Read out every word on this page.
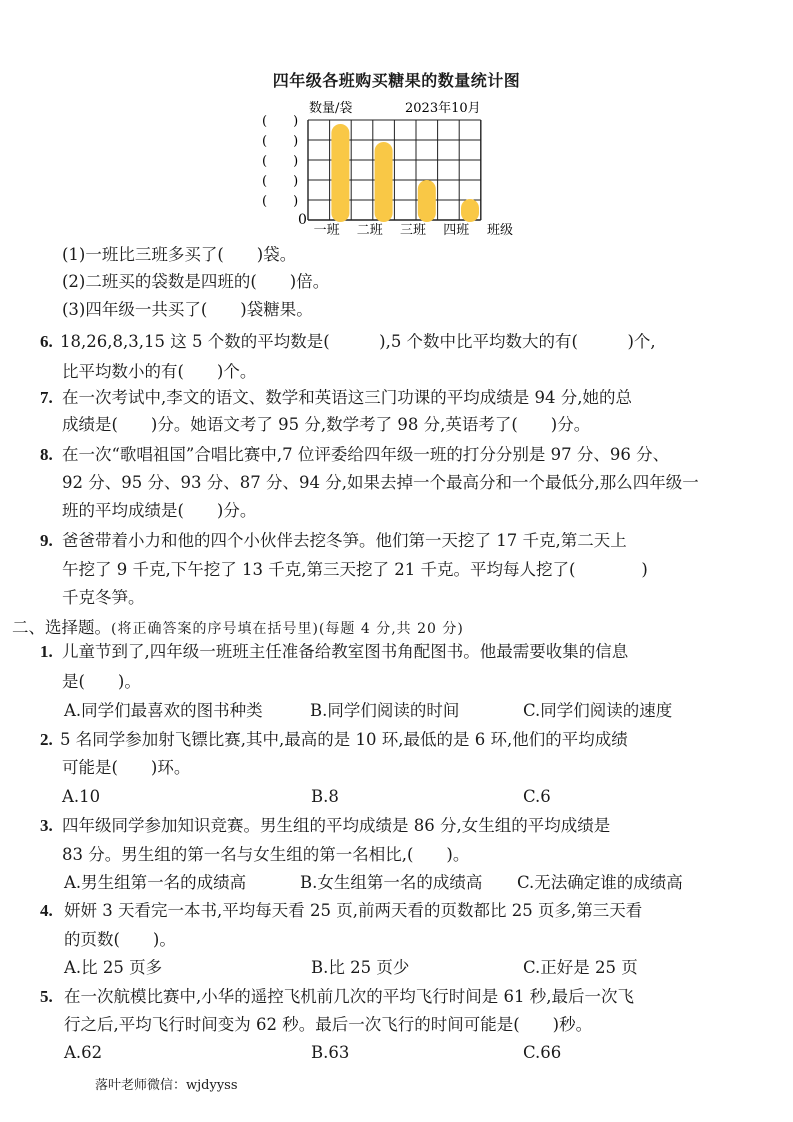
四年级各班购买糖果的数量统计图
数量/袋	2023年10月
(　　)
(　　)
(　　)
(　　)
(　　)
0
一班 二班 三班 四班 班级
(1)一班比三班多买了(　　)袋。
(2)二班买的袋数是四班的(　　)倍。
(3)四年级一共买了(　　)袋糖果。
6. 18,26,8,3,15 这 5 个数的平均数是(　　　),5 个数中比平均数大的有(　　　)个,
比平均数小的有(　　)个。
7. 在一次考试中,李文的语文、数学和英语这三门功课的平均成绩是 94 分,她的总
成绩是(　　)分。她语文考了 95 分,数学考了 98 分,英语考了(　　)分。
8. 在一次“歌唱祖国”合唱比赛中,7 位评委给四年级一班的打分分别是 97 分、96 分、
92 分、95 分、93 分、87 分、94 分,如果去掉一个最高分和一个最低分,那么四年级一
班的平均成绩是(　　)分。
9. 爸爸带着小力和他的四个小伙伴去挖冬笋。他们第一天挖了 17 千克,第二天上
午挖了 9 千克,下午挖了 13 千克,第三天挖了 21 千克。平均每人挖了(　　　　)
千克冬笋。
二、选择题。(将正确答案的序号填在括号里)(每题 4 分,共 20 分)
1. 儿童节到了,四年级一班班主任准备给教室图书角配图书。他最需要收集的信息
是(　　)。
A.同学们最喜欢的图书种类	B.同学们阅读的时间	C.同学们阅读的速度
2. 5 名同学参加射飞镖比赛,其中,最高的是 10 环,最低的是 6 环,他们的平均成绩
可能是(　　)环。
A.10	B.8	C.6
3. 四年级同学参加知识竞赛。男生组的平均成绩是 86 分,女生组的平均成绩是
83 分。男生组的第一名与女生组的第一名相比,(　　)。
A.男生组第一名的成绩高	B.女生组第一名的成绩高 C.无法确定谁的成绩高
4. 妍妍 3 天看完一本书,平均每天看 25 页,前两天看的页数都比 25 页多,第三天看
的页数(　　)。
A.比 25 页多	B.比 25 页少	C.正好是 25 页
5. 在一次航模比赛中,小华的遥控飞机前几次的平均飞行时间是 61 秒,最后一次飞
行之后,平均飞行时间变为 62 秒。最后一次飞行的时间可能是(　　)秒。
A.62	B.63	C.66
落叶老师微信：wjdyyss
